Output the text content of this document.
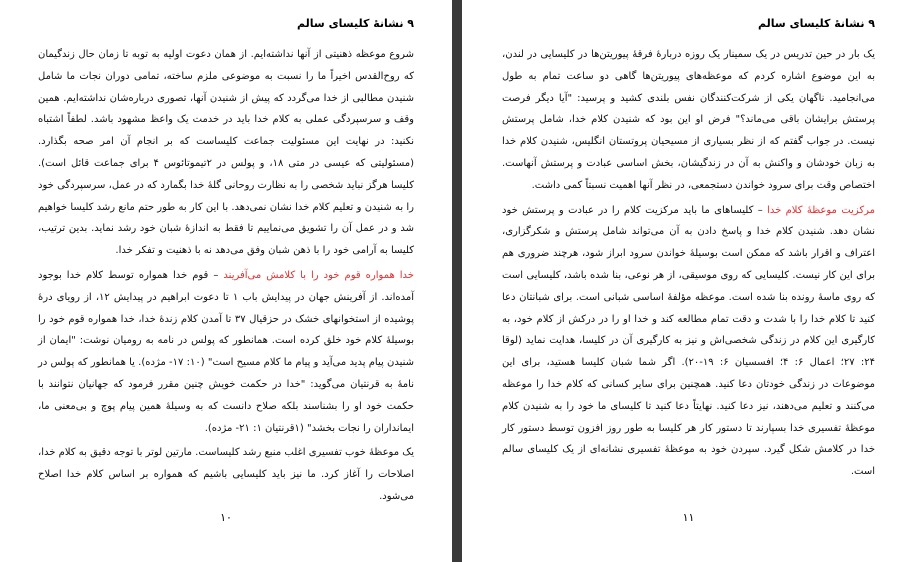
۹ نشانهٔ کلیسای سالم

شروع موعظه ذهنیتی از آنها نداشته‌ایم. از همان دعوت اولیه به توبه تا زمان حال زندگیمان که روح‌القدس اخیراً ما را نسبت به موضوعی ملزم ساخته، تمامی دوران نجات ما شامل شنیدن مطالبی از خدا می‌گردد که پیش از شنیدن آنها، تصوری درباره‌شان نداشته‌ایم. همین وقف و سرسپردگی عملی به کلام خدا باید در خدمت یک واعظ مشهود باشد. لطفاً اشتباه نکنید: در نهایت این مسئولیت جماعت کلیساست که بر انجام آن امر صحه بگذارد. (مسئولیتی که عیسی در متی ۱۸، و پولس در ۲تیموتائوس ۴ برای جماعت قائل است). کلیسا هرگز نباید شخصی را به نظارت روحانی گلهٔ خدا بگمارد که در عمل، سرسپردگی خود را به شنیدن و تعلیم کلام خدا نشان نمی‌دهد. با این کار به طور حتم مانع رشد کلیسا خواهیم شد و در عمل آن را تشویق می‌نماییم تا فقط به اندازهٔ شبان خود رشد نماید. بدین ترتیب، کلیسا به آرامی خود را با ذهن شبان وفق می‌دهد نه با ذهنیت و تفکر خدا.

خدا همواره قوم خود را با کلامش می‌آفریند – قوم خدا همواره توسط کلام خدا بوجود آمده‌اند. از آفرینش جهان در پیدایش باب ۱ تا دعوت ابراهیم در پیدایش ۱۲، از رویای درهٔ پوشیده از استخوانهای خشک در حزقیال ۳۷ تا آمدن کلام زندهٔ خدا، خدا همواره قوم خود را بوسیلهٔ کلام خود خلق کرده است. همانطور که پولس در نامه به رومیان نوشت: "ایمان از شنیدن پیام پدید می‌آید و پیام ما کلام مسیح است" (۱۰: ۱۷- مژده). یا همانطور که پولس در نامهٔ به قرنتیان می‌گوید: "خدا در حکمت خویش چنین مقرر فرمود که جهانیان نتوانند با حکمت خود او را بشناسند بلکه صلاح دانست که به وسیلهٔ همین پیام پوچ و بی‌معنی ما، ایمانداران را نجات بخشد" (۱قرنتیان ۱: ۲۱- مژده).

یک موعظهٔ خوب تفسیری اغلب منبع رشد کلیساست. مارتین لوتر با توجه دقیق به کلام خدا، اصلاحات را آغاز کرد. ما نیز باید کلیسایی باشیم که همواره بر اساس کلام خدا اصلاح می‌شود.

۱۰
۹ نشانهٔ کلیسای سالم

یک بار در حین تدریس در یک سمینار یک روزه دربارهٔ فرقهٔ پیوریتن‌ها در کلیسایی در لندن، به این موضوع اشاره کردم که موعظه‌های پیوریتن‌ها گاهی دو ساعت تمام به طول می‌انجامید. ناگهان یکی از شرکت‌کنندگان نفس بلندی کشید و پرسید: "آیا دیگر فرصت پرستش برایشان باقی می‌ماند؟" فرض او این بود که شنیدن کلام خدا، شامل پرستش نیست. در جواب گفتم که از نظر بسیاری از مسیحیان پروتستان انگلیس، شنیدن کلام خدا به زبان خودشان و واکنش به آن در زندگیشان، بخش اساسی عبادت و پرستش آنهاست. اختصاص وقت برای سرود خواندن دستجمعی، در نظر آنها اهمیت نسبتاً کمی داشت.

مرکزیت موعظهٔ کلام خدا – کلیساهای ما باید مرکزیت کلام را در عبادت و پرستش خود نشان دهد. شنیدن کلام خدا و پاسخ دادن به آن می‌تواند شامل پرستش و شکرگزاری، اعتراف و اقرار باشد که ممکن است بوسیلهٔ خواندن سرود ابراز شود، هرچند ضروری هم برای این کار نیست. کلیسایی که روی موسیقی، از هر نوعی، بنا شده باشد، کلیسایی است که روی ماسهٔ رونده بنا شده است. موعظه مؤلفهٔ اساسی شبانی است. برای شبانتان دعا کنید تا کلام خدا را با شدت و دقت تمام مطالعه کند و خدا او را در درکش از کلام خود، به کارگیری این کلام در زندگی شخصی‌اش و نیز به کارگیری آن در کلیسا، هدایت نماید (لوقا ۲۴: ۲۷؛ اعمال ۶: ۴؛ افسسیان ۶: ۱۹-۲۰). اگر شما شبان کلیسا هستید، برای این موضوعات در زندگی خودتان دعا کنید. همچنین برای سایر کسانی که کلام خدا را موعظه می‌کنند و تعلیم می‌دهند، نیز دعا کنید. نهایتاً دعا کنید تا کلیسای ما خود را به شنیدن کلام موعظهٔ تفسیری خدا بسپارند تا دستور کار هر کلیسا به طور روز افزون توسط دستور کار خدا در کلامش شکل گیرد. سپردن خود به موعظهٔ تفسیری نشانه‌ای از یک کلیسای سالم است.

۱۱
